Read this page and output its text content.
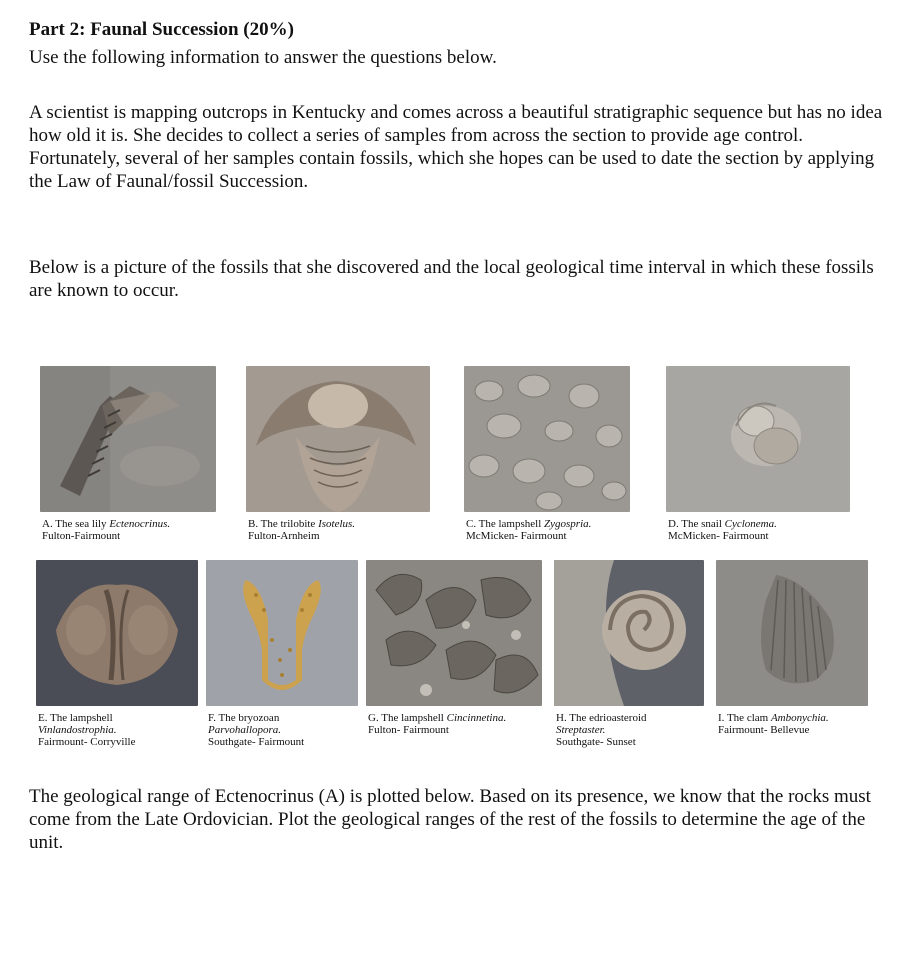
Part 2: Faunal Succession (20%)
Use the following information to answer the questions below.
A scientist is mapping outcrops in Kentucky and comes across a beautiful stratigraphic sequence but has no idea how old it is. She decides to collect a series of samples from across the section to provide age control. Fortunately, several of her samples contain fossils, which she hopes can be used to date the section by applying the Law of Faunal/fossil Succession.
Below is a picture of the fossils that she discovered and the local geological time interval in which these fossils are known to occur.
A. The sea lily Ectenocrinus.
Fulton-Fairmount
B. The trilobite Isotelus.
Fulton-Arnheim
C. The lampshell Zygospria.
McMicken- Fairmount
D. The snail Cyclonema.
McMicken- Fairmount
E. The lampshell
Vinlandostrophia.
Fairmount- Corryville
F. The bryozoan
Parvohallopora.
Southgate- Fairmount
G. The lampshell Cincinnetina.
Fulton- Fairmount
H. The edrioasteroid
Streptaster.
Southgate- Sunset
I. The clam Ambonychia.
Fairmount- Bellevue
The geological range of Ectenocrinus (A) is plotted below. Based on its presence, we know that the rocks must come from the Late Ordovician. Plot the geological ranges of the rest of the fossils to determine the age of the unit.
